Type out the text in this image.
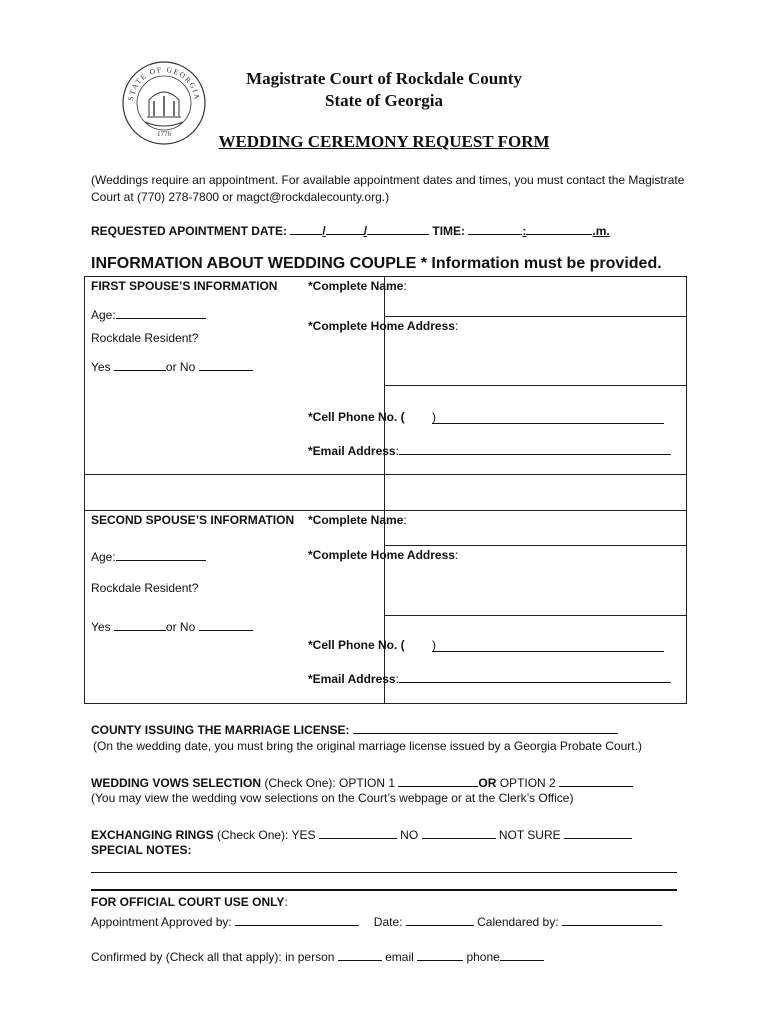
STATE OF GEORGIA
1776
Magistrate Court of Rockdale County
State of Georgia
WEDDING CEREMONY REQUEST FORM
(Weddings require an appointment. For available appointment dates and times, you must contact the Magistrate Court at (770) 278-7800 or magct@rockdalecounty.org.)
REQUESTED APOINTMENT DATE:	/	/	TIME:	:	.m.
INFORMATION ABOUT WEDDING COUPLE * Information must be provided.
FIRST SPOUSE’S INFORMATION
Age:
Rockdale Resident?
Yes	or No
*Complete Name:
*Complete Home Address:
*Cell Phone No. ( )
*Email Address:
SECOND SPOUSE’S INFORMATION
Age:
Rockdale Resident?
Yes	or No
*Complete Name:
*Complete Home Address:
*Cell Phone No. ( )
*Email Address:
COUNTY ISSUING THE MARRIAGE LICENSE:
(On the wedding date, you must bring the original marriage license issued by a Georgia Probate Court.)
WEDDING VOWS SELECTION (Check One): OPTION 1	OR OPTION 2
(You may view the wedding vow selections on the Court’s webpage or at the Clerk’s Office)
EXCHANGING RINGS (Check One): YES	NO	NOT SURE
SPECIAL NOTES:
FOR OFFICIAL COURT USE ONLY:
Appointment Approved by:	Date:	Calendared by:
Confirmed by (Check all that apply): in person	email	phone
